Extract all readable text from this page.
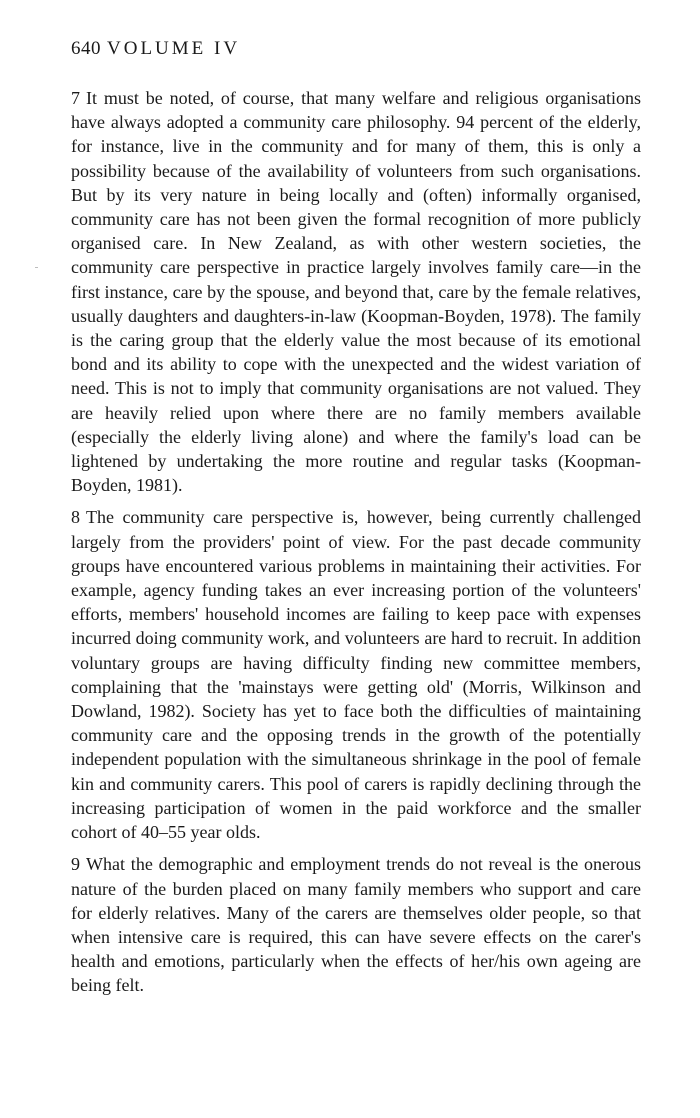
640 VOLUME IV

7 It must be noted, of course, that many welfare and religious organisations have always adopted a community care philosophy. 94 percent of the elderly, for instance, live in the community and for many of them, this is only a possibility because of the availability of volunteers from such organisations. But by its very nature in being locally and (often) informally organised, community care has not been given the formal recognition of more publicly organised care. In New Zealand, as with other western societies, the community care perspective in practice largely involves family care—in the first instance, care by the spouse, and beyond that, care by the female relatives, usually daughters and daughters-in-law (Koopman-Boyden, 1978). The family is the caring group that the elderly value the most because of its emotional bond and its ability to cope with the unexpected and the widest variation of need. This is not to imply that community organisations are not valued. They are heavily relied upon where there are no family members available (especially the elderly living alone) and where the family's load can be lightened by undertaking the more routine and regular tasks (Koopman-Boyden, 1981).

8 The community care perspective is, however, being currently challenged largely from the providers' point of view. For the past decade community groups have encountered various problems in maintaining their activities. For example, agency funding takes an ever increasing portion of the volunteers' efforts, members' household incomes are failing to keep pace with expenses incurred doing community work, and volunteers are hard to recruit. In addition voluntary groups are having difficulty finding new committee members, complaining that the 'mainstays were getting old' (Morris, Wilkinson and Dowland, 1982). Society has yet to face both the difficulties of maintaining community care and the opposing trends in the growth of the potentially independent population with the simultaneous shrinkage in the pool of female kin and community carers. This pool of carers is rapidly declining through the increasing participation of women in the paid workforce and the smaller cohort of 40–55 year olds.

9 What the demographic and employment trends do not reveal is the onerous nature of the burden placed on many family members who support and care for elderly relatives. Many of the carers are themselves older people, so that when intensive care is required, this can have severe effects on the carer's health and emotions, particularly when the effects of her/his own ageing are being felt.
